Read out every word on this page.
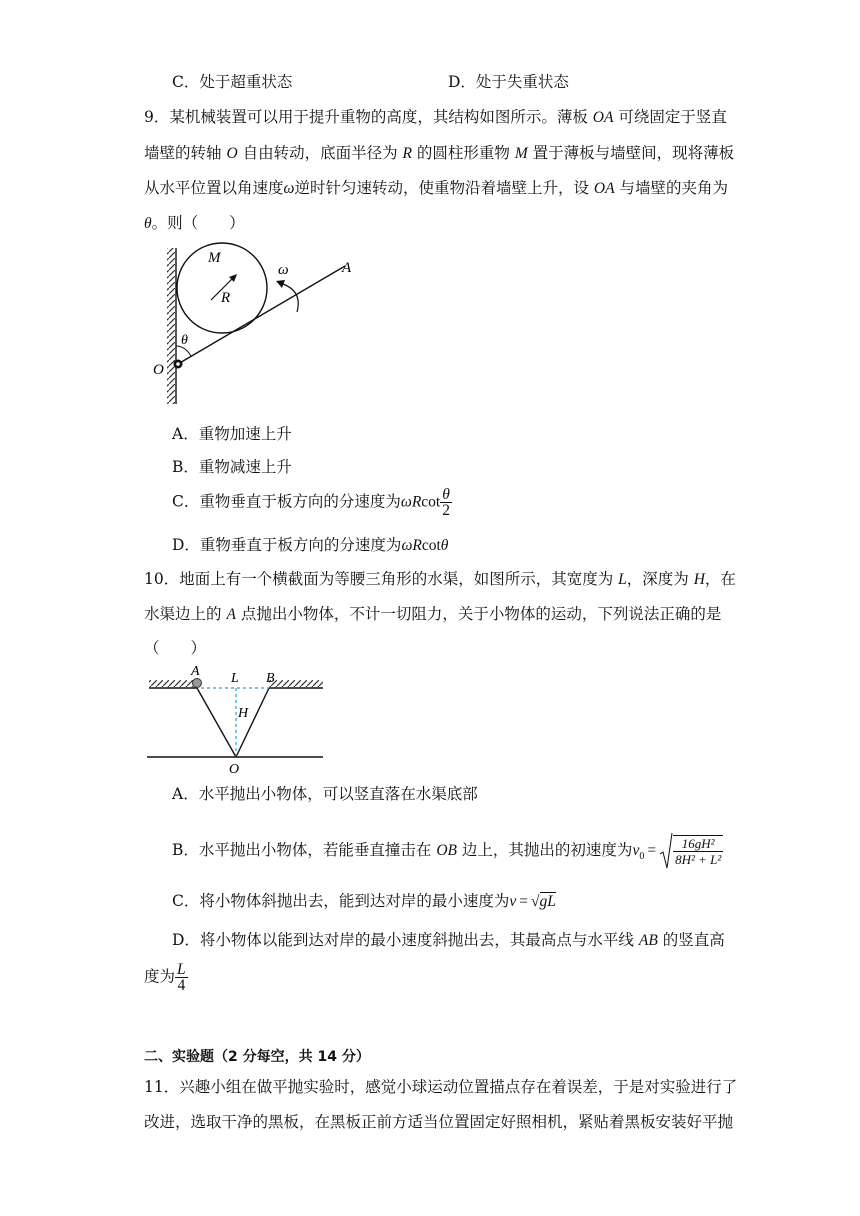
C．处于超重状态	D．处于失重状态
9．某机械装置可以用于提升重物的高度，其结构如图所示。薄板 OA 可绕固定于竖直
墙壁的转轴 O 自由转动，底面半径为 R 的圆柱形重物 M 置于薄板与墙壁间，现将薄板
从水平位置以角速度ω逆时针匀速转动，使重物沿着墙壁上升，设 OA 与墙壁的夹角为
θ。则（　　）
M
R
ω	A
θ
O
A．重物加速上升
B．重物减速上升
C．重物垂直于板方向的分速度为ωRcot $\frac{\theta}{2}$
D．重物垂直于板方向的分速度为ωRcotθ
10．地面上有一个横截面为等腰三角形的水渠，如图所示，其宽度为 L，深度为 H，在
水渠边上的 A 点抛出小物体，不计一切阻力，关于小物体的运动，下列说法正确的是
（　　）
A L B
H
O
A．水平抛出小物体，可以竖直落在水渠底部
B．水平抛出小物体，若能垂直撞击在 OB 边上，其抛出的初速度为$v_0 = \frac{\text{16gH²}}{\text{8H² + L²}}$
C．将小物体斜抛出去，能到达对岸的最小速度为v = √gL
D．将小物体以能到达对岸的最小速度斜抛出去，其最高点与水平线 AB 的竖直高
度为 $\frac{L}{4}$
二、实验题（2 分每空，共 14 分）
11．兴趣小组在做平抛实验时，感觉小球运动位置描点存在着误差，于是对实验进行了
改进，选取干净的黑板，在黑板正前方适当位置固定好照相机，紧贴着黑板安装好平抛
